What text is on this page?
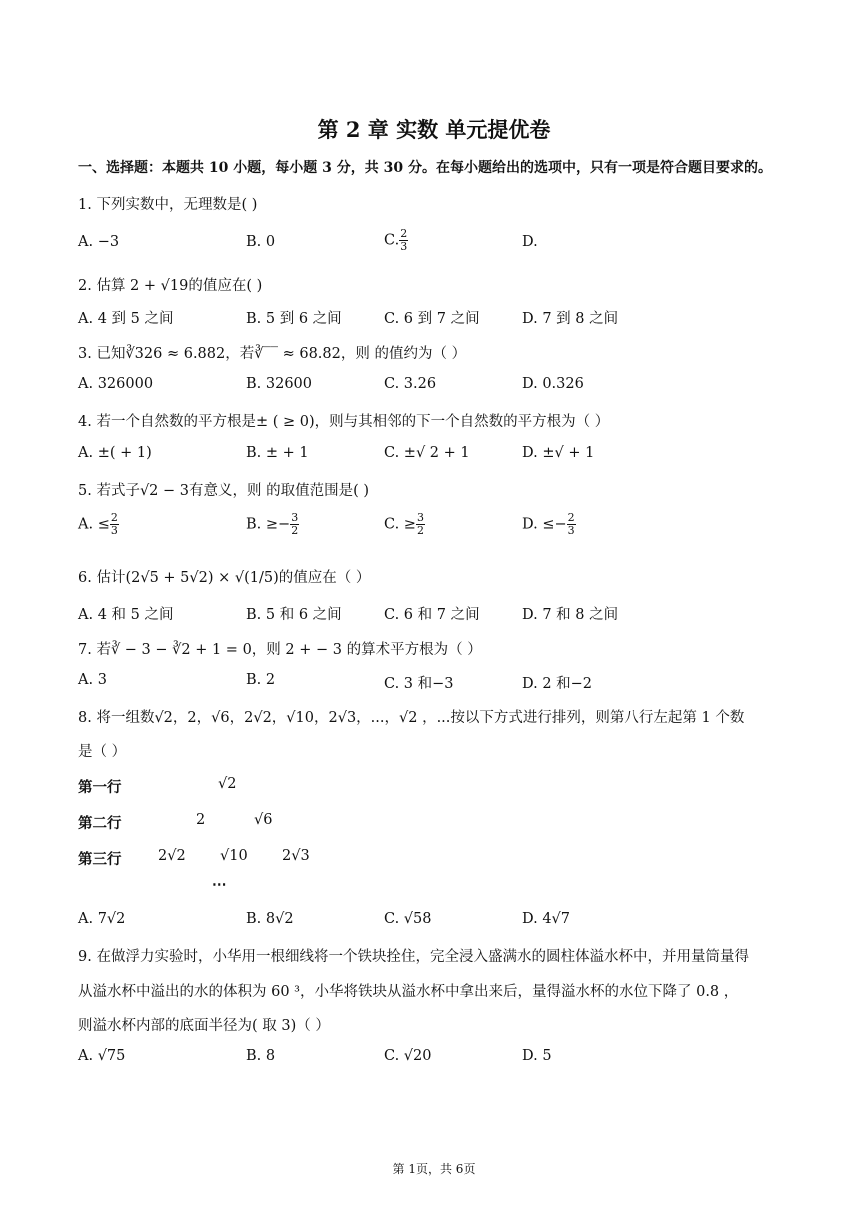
第 2 章 实数 单元提优卷
一、选择题：本题共 10 小题，每小题 3 分，共 30 分。在每小题给出的选项中，只有一项是符合题目要求的。
1. 下列实数中，无理数是( )
A. −3	B. 0	C. $\frac{2}{3}$	D.
2. 估算 2 + √19的值应在( )
A. 4 到 5 之间	B. 5 到 6 之间	C. 6 到 7 之间	D. 7 到 8 之间
3. 已知∛326 ≈ 6.882，若∛‾‾ ≈ 68.82，则 的值约为（ ）
A. 326000	B. 32600	C. 3.26	D. 0.326
4. 若一个自然数的平方根是± ( ≥ 0)，则与其相邻的下一个自然数的平方根为（ ）
A. ±( + 1)	B. ± + 1	C. ±√ 2 + 1	D. ±√ + 1
5. 若式子√2 − 3有意义，则 的取值范围是( )
A. ≤ $\frac{2}{3}$	B. ≥− $\frac{3}{2}$	C. ≥ $\frac{3}{2}$	D. ≤− $\frac{2}{3}$
6. 估计(2√5 + 5√2) × √(1/5)的值应在（ ）
A. 4 和 5 之间	B. 5 和 6 之间	C. 6 和 7 之间	D. 7 和 8 之间
7. 若∛ − 3 − ∛2 + 1 = 0，则 2 + − 3 的算术平方根为（ ）
A. 3	B. 2	C. 3 和−3	D. 2 和−2
8. 将一组数√2，2，√6，2√2，√10，2√3，...，√2 ，...按以下方式进行排列，则第八行左起第 1 个数
是（ ）
第一行	√2
第二行	2	√6
第三行	2√2 √10 2√3
⋯
A. 7√2	B. 8√2	C. √58	D. 4√7
9. 在做浮力实验时，小华用一根细线将一个铁块拴住，完全浸入盛满水的圆柱体溢水杯中，并用量筒量得
从溢水杯中溢出的水的体积为 60 ³，小华将铁块从溢水杯中拿出来后，量得溢水杯的水位下降了 0.8 ，
则溢水杯内部的底面半径为( 取 3)（ ）
A. √75	B. 8	C. √20	D. 5
第 1页，共 6页
